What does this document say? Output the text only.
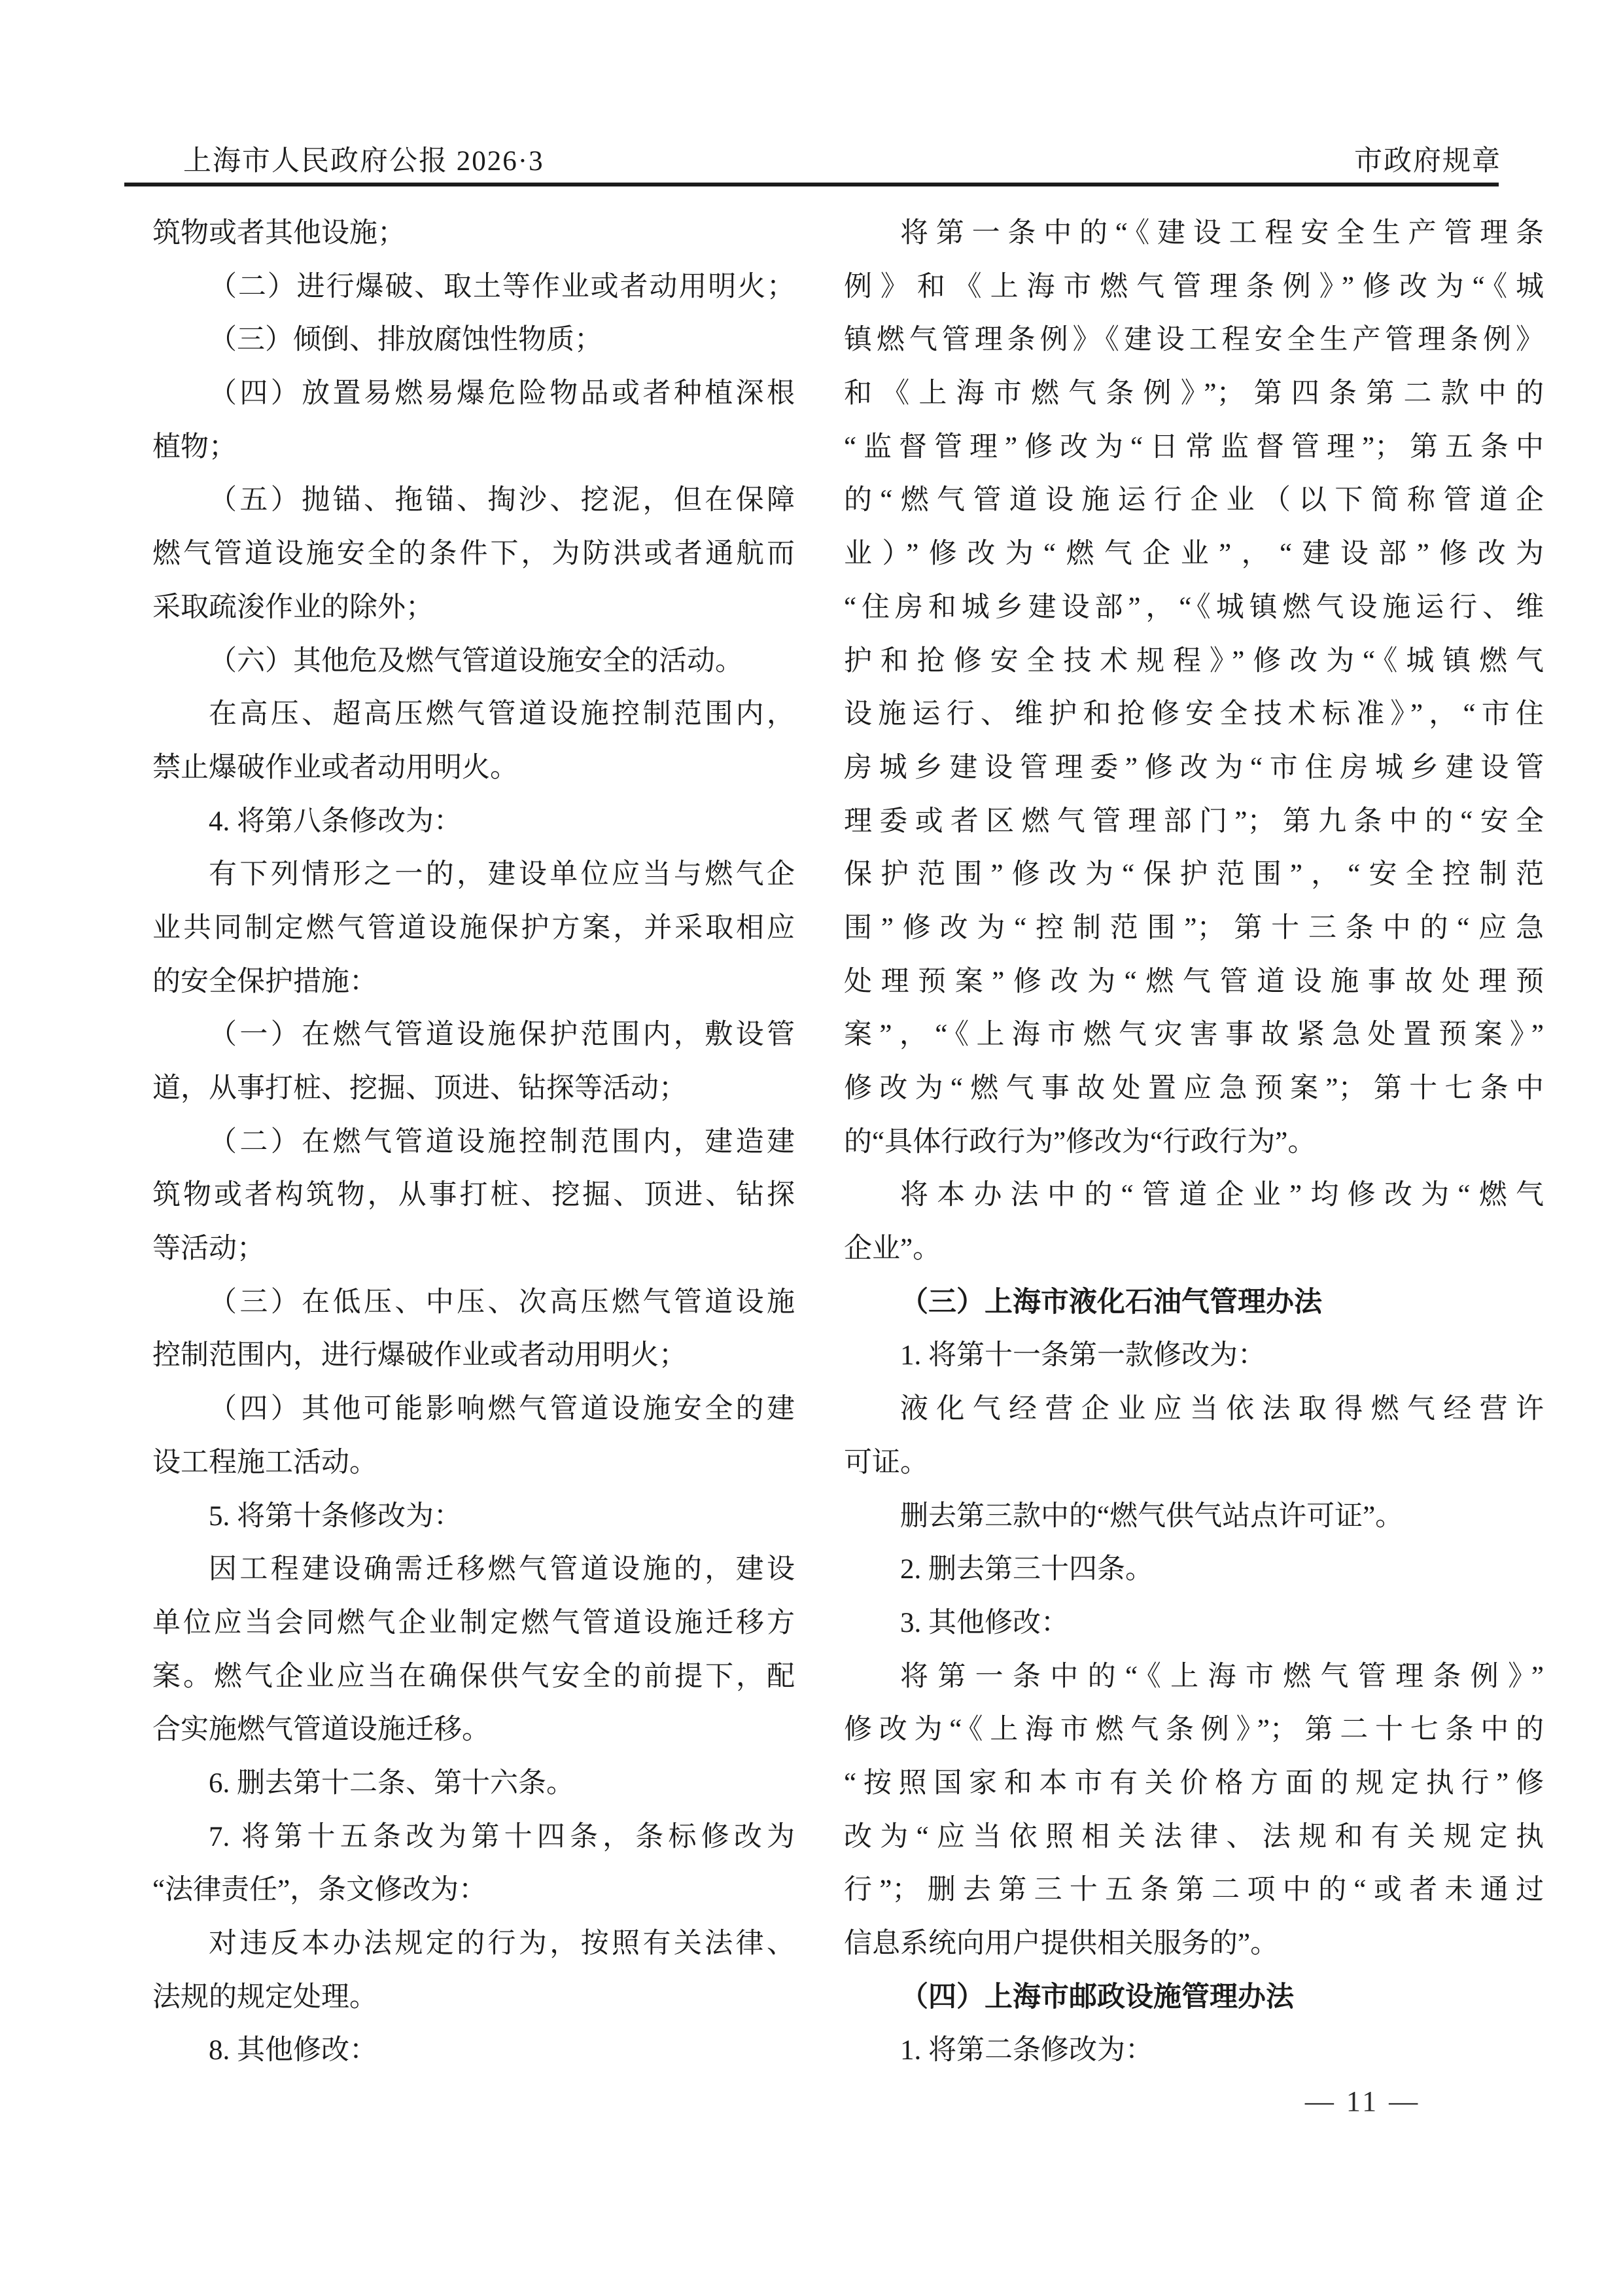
上海市人民政府公报 2026·3	市政府规章
筑物或者其他设施；
（二）进行爆破、取土等作业或者动用明火；
（三）倾倒、排放腐蚀性物质；
（四）放置易燃易爆危险物品或者种植深根
植物；
（五）抛锚、拖锚、掏沙、挖泥，但在保障
燃气管道设施安全的条件下，为防洪或者通航而
采取疏浚作业的除外；
（六）其他危及燃气管道设施安全的活动。
在高压、超高压燃气管道设施控制范围内，
禁止爆破作业或者动用明火。
4. 将第八条修改为：
有下列情形之一的，建设单位应当与燃气企
业共同制定燃气管道设施保护方案，并采取相应
的安全保护措施：
（一）在燃气管道设施保护范围内，敷设管
道，从事打桩、挖掘、顶进、钻探等活动；
（二）在燃气管道设施控制范围内，建造建
筑物或者构筑物，从事打桩、挖掘、顶进、钻探
等活动；
（三）在低压、中压、次高压燃气管道设施
控制范围内，进行爆破作业或者动用明火；
（四）其他可能影响燃气管道设施安全的建
设工程施工活动。
5. 将第十条修改为：
因工程建设确需迁移燃气管道设施的，建设
单位应当会同燃气企业制定燃气管道设施迁移方
案。燃气企业应当在确保供气安全的前提下，配
合实施燃气管道设施迁移。
6. 删去第十二条、第十六条。
7. 将第十五条改为第十四条，条标修改为
“法律责任”，条文修改为：
对违反本办法规定的行为，按照有关法律、
法规的规定处理。
8. 其他修改：
将第一条中的“《建设工程安全生产管理条
例》和《上海市燃气管理条例》”修改为“《城
镇燃气管理条例》《建设工程安全生产管理条例》
和《上海市燃气条例》”；第四条第二款中的
“监督管理”修改为“日常监督管理”；第五条中
的“燃气管道设施运行企业（以下简称管道企
业）”修改为“燃气企业”，“建设部”修改为
“住房和城乡建设部”，“《城镇燃气设施运行、维
护和抢修安全技术规程》”修改为“《城镇燃气
设施运行、维护和抢修安全技术标准》”，“市住
房城乡建设管理委”修改为“市住房城乡建设管
理委或者区燃气管理部门”；第九条中的“安全
保护范围”修改为“保护范围”，“安全控制范
围”修改为“控制范围”；第十三条中的“应急
处理预案”修改为“燃气管道设施事故处理预
案”，“《上海市燃气灾害事故紧急处置预案》”
修改为“燃气事故处置应急预案”；第十七条中
的“具体行政行为”修改为“行政行为”。
将本办法中的“管道企业”均修改为“燃气
企业”。
（三）上海市液化石油气管理办法
1. 将第十一条第一款修改为：
液化气经营企业应当依法取得燃气经营许
可证。
删去第三款中的“燃气供气站点许可证”。
2. 删去第三十四条。
3. 其他修改：
将第一条中的“《上海市燃气管理条例》”
修改为“《上海市燃气条例》”；第二十七条中的
“按照国家和本市有关价格方面的规定执行”修
改为“应当依照相关法律、法规和有关规定执
行”；删去第三十五条第二项中的“或者未通过
信息系统向用户提供相关服务的”。
（四）上海市邮政设施管理办法
1. 将第二条修改为：
— 11 —
